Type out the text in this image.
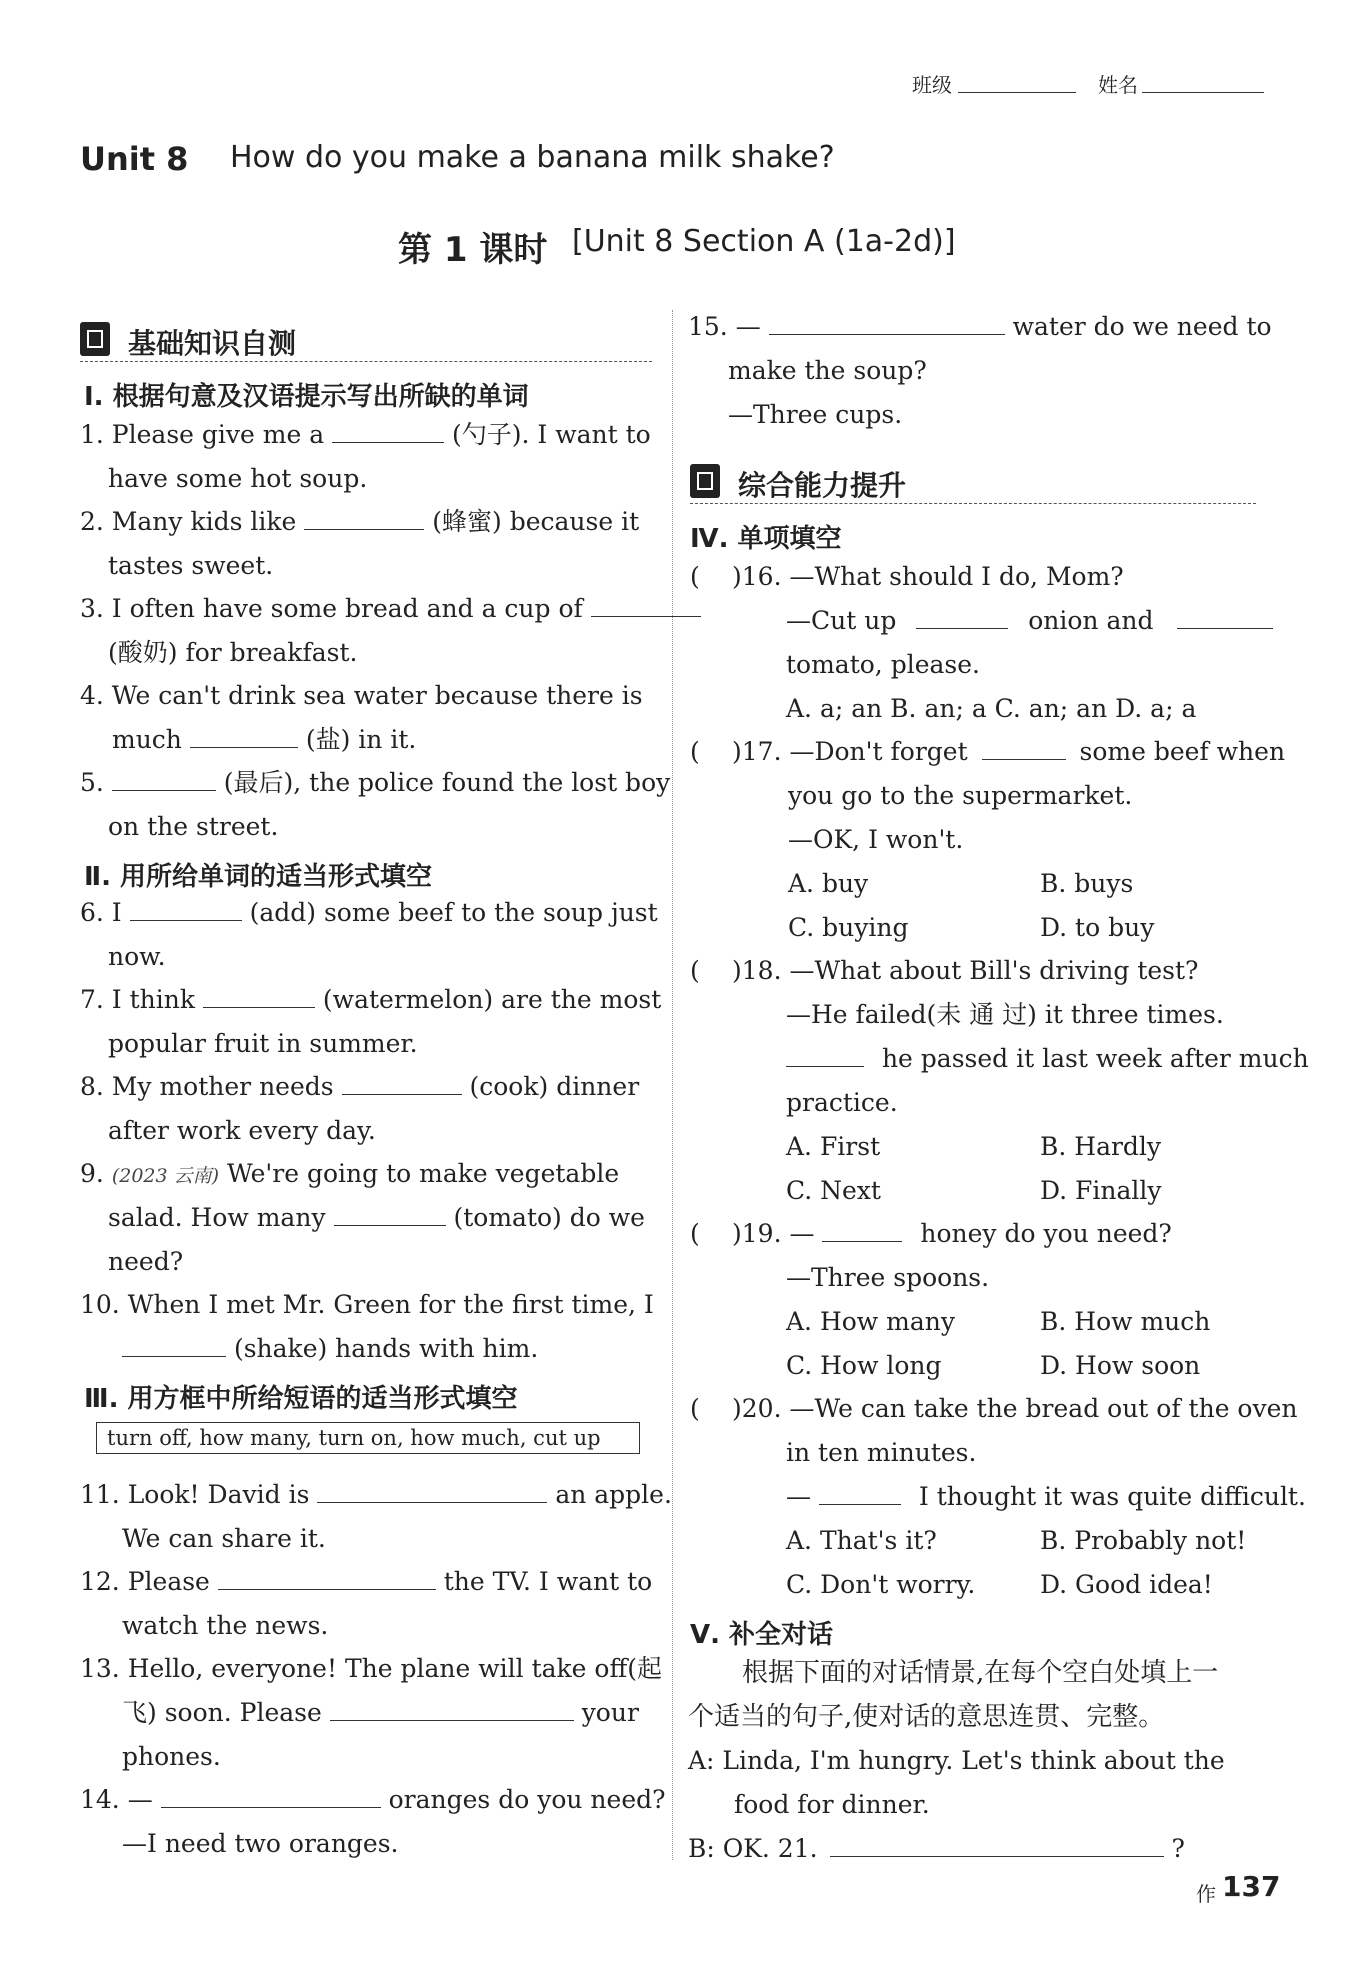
班级	姓名
Unit 8 How do you make a banana milk shake?
第 1 课时 [Unit 8 Section A (1a-2d)]
基础知识自测
Ⅰ. 根据句意及汉语提示写出所缺的单词
1. Please give me a	(勺子). I want to
have some hot soup.
2. Many kids like	(蜂蜜) because it
tastes sweet.
3. I often have some bread and a cup of
(酸奶) for breakfast.
4. We can't drink sea water because there is
much	(盐) in it.
5.	(最后), the police found the lost boy
on the street.
Ⅱ. 用所给单词的适当形式填空
6. I	(add) some beef to the soup just
now.
7. I think	(watermelon) are the most
popular fruit in summer.
8. My mother needs	(cook) dinner
after work every day.
9. (2023 云南) We're going to make vegetable
salad. How many	(tomato) do we
need?
10. When I met Mr. Green for the first time, I
(shake) hands with him.
Ⅲ. 用方框中所给短语的适当形式填空
turn off, how many, turn on, how much, cut up
11. Look! David is	an apple.
We can share it.
12. Please	the TV. I want to
watch the news.
13. Hello, everyone! The plane will take off(起
飞) soon. Please	your
phones.
14. —	oranges do you need?
—I need two oranges.
15. —	water do we need to
make the soup?
—Three cups.
综合能力提升
Ⅳ. 单项填空
( )16. —What should I do, Mom?
—Cut up	onion and
tomato, please.
A. a; an B. an; a C. an; an D. a; a
( )17. —Don't forget	some beef when
you go to the supermarket.
—OK, I won't.
A. buy	B. buys
C. buying	D. to buy
( )18. —What about Bill's driving test?
—He failed(未 通 过) it three times.
he passed it last week after much
practice.
A. First	B. Hardly
C. Next	D. Finally
( )19. —	honey do you need?
—Three spoons.
A. How many	B. How much
C. How long	D. How soon
( )20. —We can take the bread out of the oven
in ten minutes.
—	I thought it was quite difficult.
A. That's it?	B. Probably not!
C. Don't worry.	D. Good idea!
Ⅴ. 补全对话
根据下面的对话情景,在每个空白处填上一
个适当的句子,使对话的意思连贯、完整。
A: Linda, I'm hungry. Let's think about the
food for dinner.
B: OK. 21.	?
作 137
